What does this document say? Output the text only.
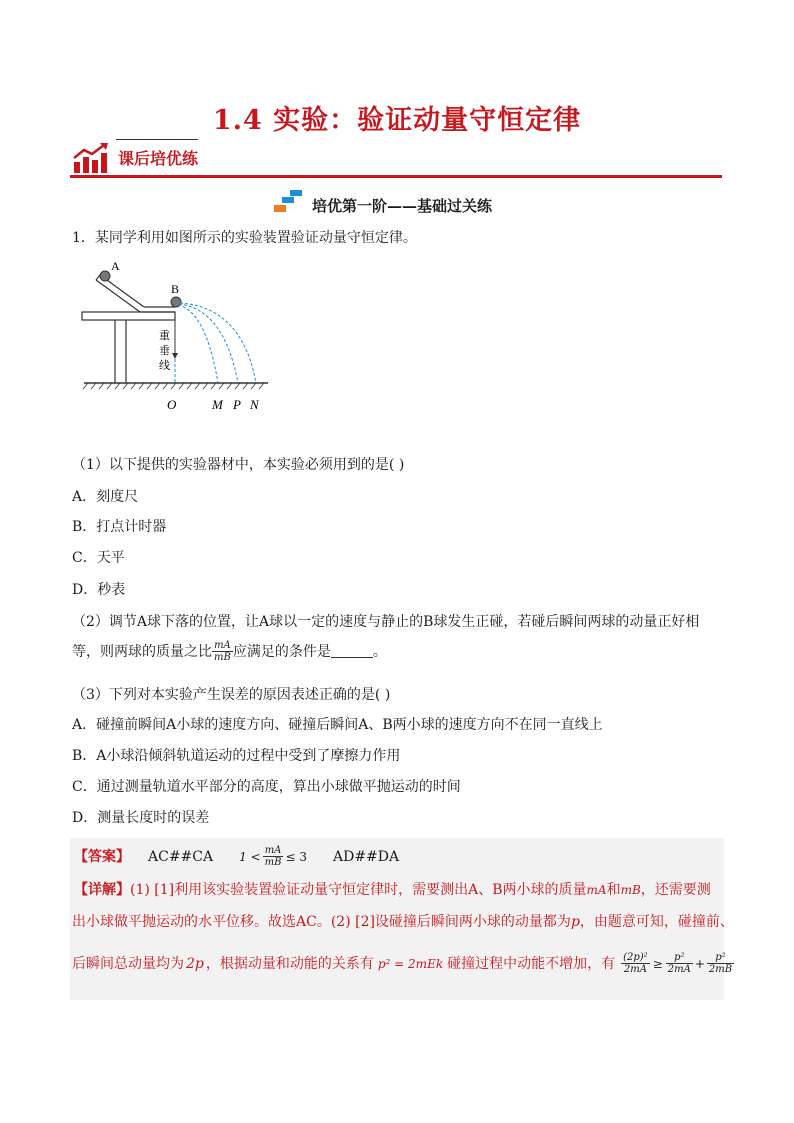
1.4 实验：验证动量守恒定律
课后培优练
培优第一阶——基础过关练
1．某同学利用如图所示的实验装置验证动量守恒定律。
A
B
重
垂
线
O	M P N
（1）以下提供的实验器材中，本实验必须用到的是( )
A．刻度尺
B．打点计时器
C．天平
D．秒表
（2）调节A球下落的位置，让A球以一定的速度与静止的B球发生正碰，若碰后瞬间两球的动量正好相
等，则两球的质量之比 $\frac{mA}{mB}$ 应满足的条件是	。
（3）下列对本实验产生误差的原因表述正确的是( )
A．碰撞前瞬间A小球的速度方向、碰撞后瞬间A、B两小球的速度方向不在同一直线上
B．A小球沿倾斜轨道运动的过程中受到了摩擦力作用
C．通过测量轨道水平部分的高度，算出小球做平抛运动的时间
D．测量长度时的误差
【答案】 AC##CA $1 < \frac{mA}{mB} \le 3$ AD##DA
【详解】(1) [1]利用该实验装置验证动量守恒定律时，需要测出A、B两小球的质量mA和mB，还需要测
出小球做平抛运动的水平位移。故选AC。(2) [2]设碰撞后瞬间两小球的动量都为p，由题意可知，碰撞前、
后瞬间总动量均为 2p ，根据动量和动能的关系有 p² = 2mEk 碰撞过程中动能不增加，有 $\frac{\text{(2p)²}}{2mA} \ge \frac{\text{p²}}{2mA} + \frac{\text{p²}}{2mB}$
